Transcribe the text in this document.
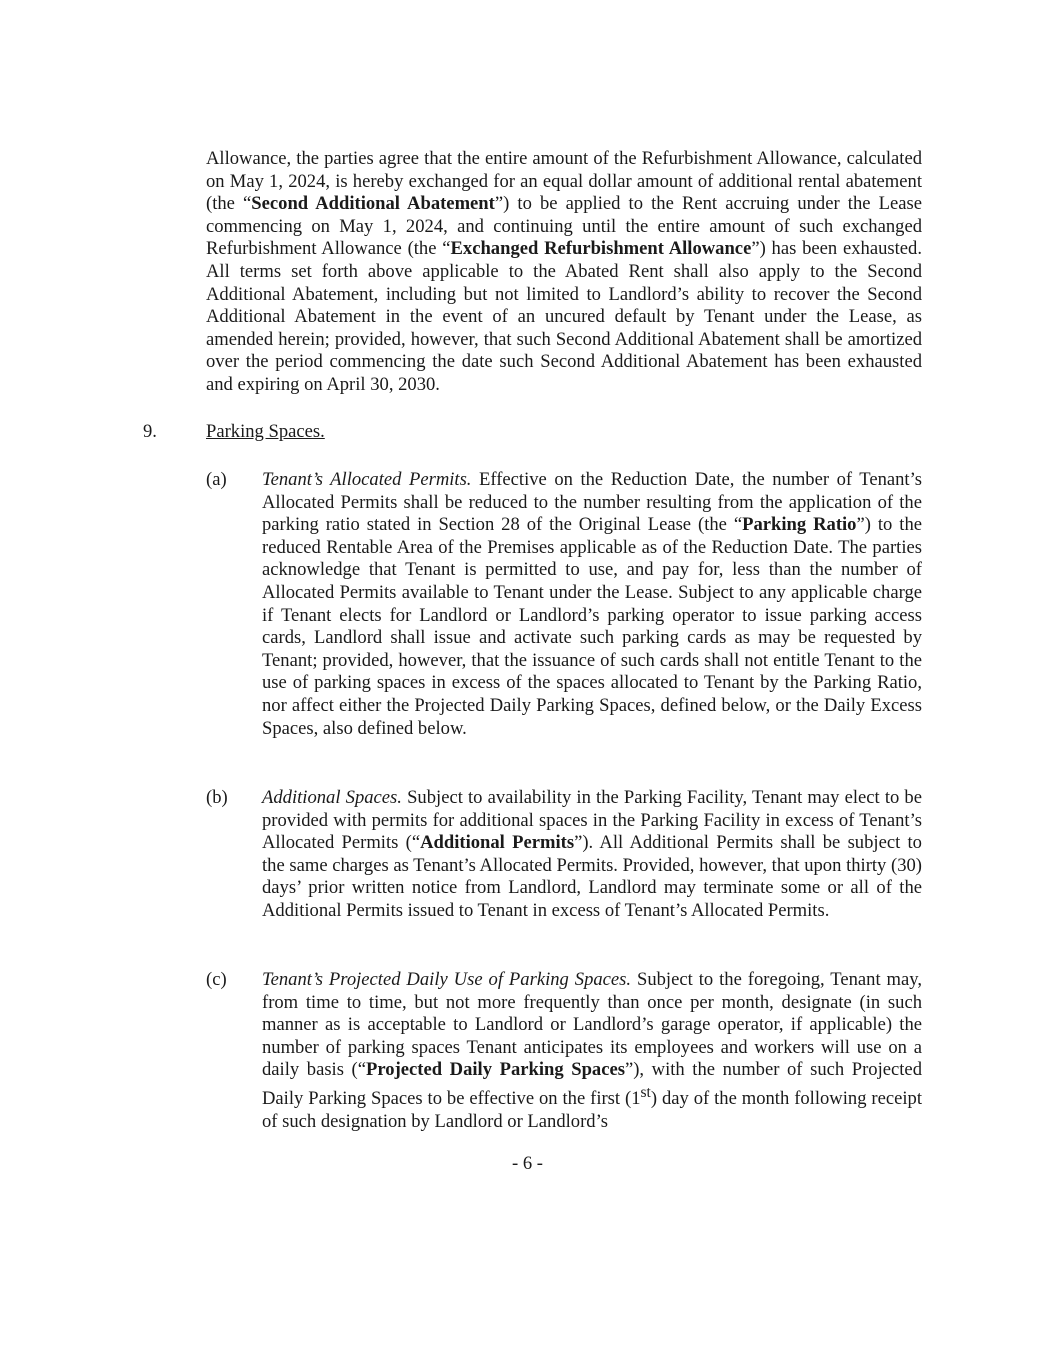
Allowance, the parties agree that the entire amount of the Refurbishment Allowance, calculated on May 1, 2024, is hereby exchanged for an equal dollar amount of additional rental abatement (the “Second Additional Abatement”) to be applied to the Rent accruing under the Lease commencing on May 1, 2024, and continuing until the entire amount of such exchanged Refurbishment Allowance (the “Exchanged Refurbishment Allowance”) has been exhausted. All terms set forth above applicable to the Abated Rent shall also apply to the Second Additional Abatement, including but not limited to Landlord’s ability to recover the Second Additional Abatement in the event of an uncured default by Tenant under the Lease, as amended herein; provided, however, that such Second Additional Abatement shall be amortized over the period commencing the date such Second Additional Abatement has been exhausted and expiring on April 30, 2030.

9.	Parking Spaces.
(a) Tenant’s Allocated Permits. Effective on the Reduction Date, the number of Tenant’s Allocated Permits shall be reduced to the number resulting from the application of the parking ratio stated in Section 28 of the Original Lease (the “Parking Ratio”) to the reduced Rentable Area of the Premises applicable as of the Reduction Date. The parties acknowledge that Tenant is permitted to use, and pay for, less than the number of Allocated Permits available to Tenant under the Lease. Subject to any applicable charge if Tenant elects for Landlord or Landlord’s parking operator to issue parking access cards, Landlord shall issue and activate such parking cards as may be requested by Tenant; provided, however, that the issuance of such cards shall not entitle Tenant to the use of parking spaces in excess of the spaces allocated to Tenant by the Parking Ratio, nor affect either the Projected Daily Parking Spaces, defined below, or the Daily Excess Spaces, also defined below.

(b) Additional Spaces. Subject to availability in the Parking Facility, Tenant may elect to be provided with permits for additional spaces in the Parking Facility in excess of Tenant’s Allocated Permits (“Additional Permits”). All Additional Permits shall be subject to the same charges as Tenant’s Allocated Permits. Provided, however, that upon thirty (30) days’ prior written notice from Landlord, Landlord may terminate some or all of the Additional Permits issued to Tenant in excess of Tenant’s Allocated Permits.

(c) Tenant’s Projected Daily Use of Parking Spaces. Subject to the foregoing, Tenant may, from time to time, but not more frequently than once per month, designate (in such manner as is acceptable to Landlord or Landlord’s garage operator, if applicable) the number of parking spaces Tenant anticipates its employees and workers will use on a daily basis (“Projected Daily Parking Spaces”), with the number of such Projected Daily Parking Spaces to be effective on the first (1st) day of the month following receipt of such designation by Landlord or Landlord’s

- 6 -
